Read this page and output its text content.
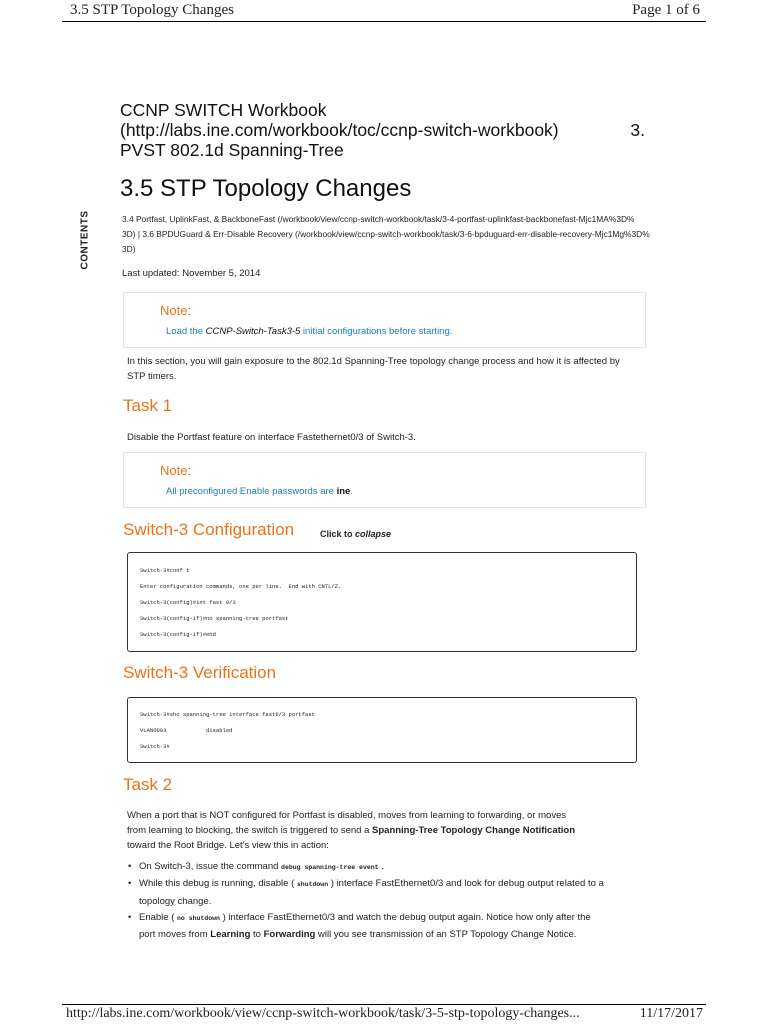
3.5 STP Topology Changes	Page 1 of 6
CCNP SWITCH Workbook
(http://labs.ine.com/workbook/toc/ccnp-switch-workbook)	3.
PVST 802.1d Spanning-Tree
CONTENTS
3.5 STP Topology Changes
3.4 Portfast, UplinkFast, & BackboneFast (/workbook/view/ccnp-switch-workbook/task/3-4-portfast-uplinkfast-backbonefast-Mjc1MA%3D%
3D) | 3.6 BPDUGuard & Err-Disable Recovery (/workbook/view/ccnp-switch-workbook/task/3-6-bpduguard-err-disable-recovery-Mjc1Mg%3D%
3D)
Last updated: November 5, 2014
Note:
Load the CCNP-Switch-Task3-5 initial configurations before starting.
In this section, you will gain exposure to the 802.1d Spanning-Tree topology change process and how it is affected by STP timers.
Task 1
Disable the Portfast feature on interface Fastethernet0/3 of Switch-3.
Note:
All preconfigured Enable passwords are ine.
Switch-3 Configuration	Click to collapse
Switch-3#conf t
Enter configuration commands, one per line.  End with CNTL/Z.
Switch-3(config)#int fast 0/3
Switch-3(config-if)#no spanning-tree portfast
Switch-3(config-if)#end
Switch-3 Verification
Switch-3#sho spanning-tree interface fast0/3 portfast
VLAN0003            disabled
Switch-3#
Task 2
When a port that is NOT configured for Portfast is disabled, moves from learning to forwarding, or moves
from learning to blocking, the switch is triggered to send a Spanning-Tree Topology Change Notification
toward the Root Bridge. Let's view this in action:
• On Switch-3, issue the command debug spanning-tree event .
• While this debug is running, disable ( shutdown ) interface FastEthernet0/3 and look for debug output related to a
topology change.
• Enable ( no shutdown ) interface FastEthernet0/3 and watch the debug output again. Notice how only after the
port moves from Learning to Forwarding will you see transmission of an STP Topology Change Notice.
http://labs.ine.com/workbook/view/ccnp-switch-workbook/task/3-5-stp-topology-changes...	11/17/2017
